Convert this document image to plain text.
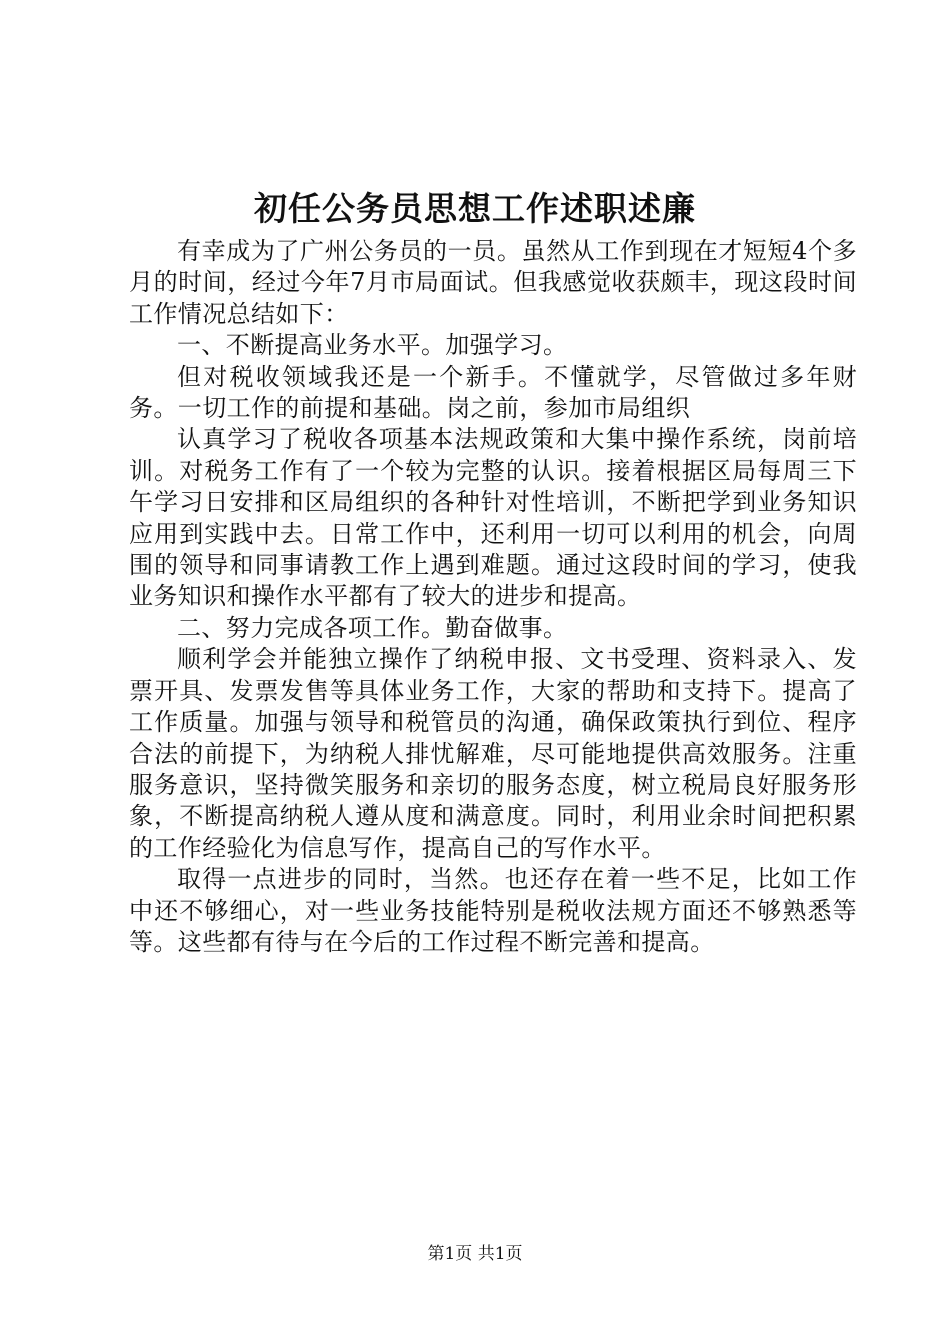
初任公务员思想工作述职述廉

有幸成为了广州公务员的一员。虽然从工作到现在才短短4个多月的时间，经过今年7月市局面试。但我感觉收获颇丰，现这段时间工作情况总结如下：

一、不断提高业务水平。加强学习。

但对税收领域我还是一个新手。不懂就学，尽管做过多年财务。一切工作的前提和基础。岗之前，参加市局组织

认真学习了税收各项基本法规政策和大集中操作系统，岗前培训。对税务工作有了一个较为完整的认识。接着根据区局每周三下午学习日安排和区局组织的各种针对性培训，不断把学到业务知识应用到实践中去。日常工作中，还利用一切可以利用的机会，向周围的领导和同事请教工作上遇到难题。通过这段时间的学习，使我业务知识和操作水平都有了较大的进步和提高。

二、努力完成各项工作。勤奋做事。

顺利学会并能独立操作了纳税申报、文书受理、资料录入、发票开具、发票发售等具体业务工作，大家的帮助和支持下。提高了工作质量。加强与领导和税管员的沟通，确保政策执行到位、程序合法的前提下，为纳税人排忧解难，尽可能地提供高效服务。注重服务意识，坚持微笑服务和亲切的服务态度，树立税局良好服务形象，不断提高纳税人遵从度和满意度。同时，利用业余时间把积累的工作经验化为信息写作，提高自己的写作水平。

取得一点进步的同时，当然。也还存在着一些不足，比如工作中还不够细心，对一些业务技能特别是税收法规方面还不够熟悉等等。这些都有待与在今后的工作过程不断完善和提高。

第1页 共1页
